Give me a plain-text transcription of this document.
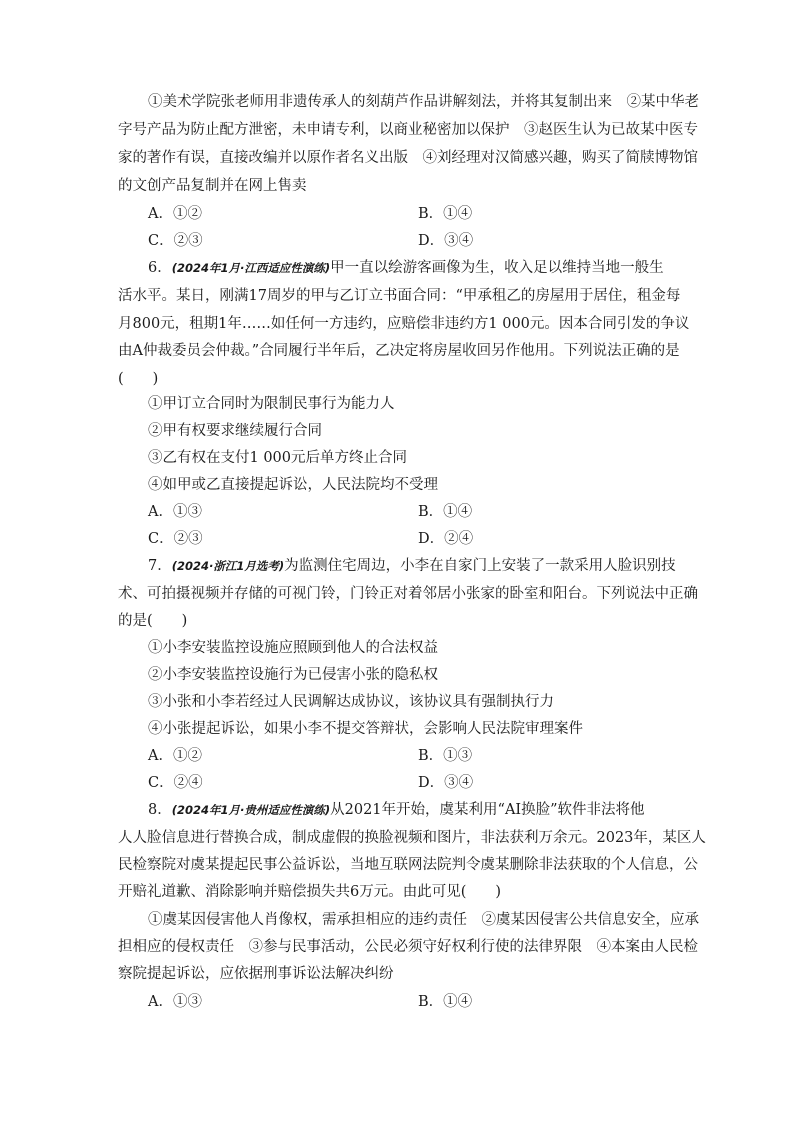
①美术学院张老师用非遗传承人的刻葫芦作品讲解刻法，并将其复制出来　②某中华老
字号产品为防止配方泄密，未申请专利，以商业秘密加以保护　③赵医生认为已故某中医专
家的著作有误，直接改编并以原作者名义出版　④刘经理对汉简感兴趣，购买了简牍博物馆
的文创产品复制并在网上售卖
A．①②	B．①④
C．②③	D．③④
6．(2024年1月·江西适应性演练)甲一直以绘游客画像为生，收入足以维持当地一般生
活水平。某日，刚满17周岁的甲与乙订立书面合同：“甲承租乙的房屋用于居住，租金每
月800元，租期1年……如任何一方违约，应赔偿非违约方1 000元。因本合同引发的争议
由A仲裁委员会仲裁。”合同履行半年后，乙决定将房屋收回另作他用。下列说法正确的是
(　　)
①甲订立合同时为限制民事行为能力人
②甲有权要求继续履行合同
③乙有权在支付1 000元后单方终止合同
④如甲或乙直接提起诉讼，人民法院均不受理
A．①③	B．①④
C．②③	D．②④
7．(2024·浙江1月选考)为监测住宅周边，小李在自家门上安装了一款采用人脸识别技
术、可拍摄视频并存储的可视门铃，门铃正对着邻居小张家的卧室和阳台。下列说法中正确
的是(　　)
①小李安装监控设施应照顾到他人的合法权益
②小李安装监控设施行为已侵害小张的隐私权
③小张和小李若经过人民调解达成协议，该协议具有强制执行力
④小张提起诉讼，如果小李不提交答辩状，会影响人民法院审理案件
A．①②	B．①③
C．②④	D．③④
8．(2024年1月·贵州适应性演练)从2021年开始，虞某利用“AI换脸”软件非法将他
人人脸信息进行替换合成，制成虚假的换脸视频和图片，非法获利万余元。2023年，某区人
民检察院对虞某提起民事公益诉讼，当地互联网法院判令虞某删除非法获取的个人信息，公
开赔礼道歉、消除影响并赔偿损失共6万元。由此可见(　　)
①虞某因侵害他人肖像权，需承担相应的违约责任　②虞某因侵害公共信息安全，应承
担相应的侵权责任　③参与民事活动，公民必须守好权利行使的法律界限　④本案由人民检
察院提起诉讼，应依据刑事诉讼法解决纠纷
A．①③	B．①④
